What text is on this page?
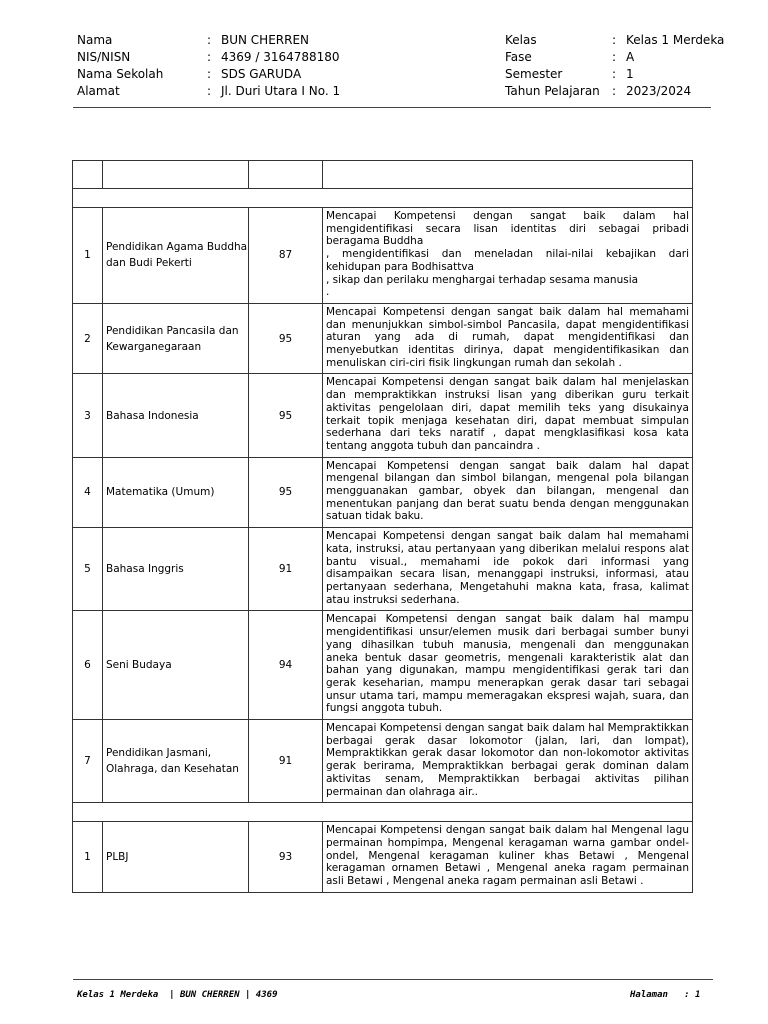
Nama	: BUN CHERREN
NIS/NISN	: 4369 / 3164788180
Nama Sekolah	: SDS GARUDA
Alamat	: Jl. Duri Utara I No. 1
Kelas	: Kelas 1 Merdeka
Fase	: A
Semester	: 1
Tahun Pelajaran	: 2023/2024

1	Pendidikan Agama Buddha dan Budi Pekerti	87	Mencapai Kompetensi dengan sangat baik dalam hal mengidentifikasi secara lisan identitas diri sebagai pribadi beragama Buddha
, mengidentifikasi dan meneladan nilai-nilai kebajikan dari kehidupan para Bodhisattva
, sikap dan perilaku menghargai terhadap sesama manusia
.
2	Pendidikan Pancasila dan Kewarganegaraan	95	Mencapai Kompetensi dengan sangat baik dalam hal memahami dan menunjukkan simbol-simbol Pancasila, dapat mengidentifikasi aturan yang ada di rumah, dapat mengidentifikasi dan menyebutkan identitas dirinya, dapat mengidentifikasikan dan menuliskan ciri-ciri fisik lingkungan rumah dan sekolah .
3	Bahasa Indonesia	95	Mencapai Kompetensi dengan sangat baik dalam hal menjelaskan dan mempraktikkan instruksi lisan yang diberikan guru terkait aktivitas pengelolaan diri, dapat memilih teks yang disukainya terkait topik menjaga kesehatan diri, dapat membuat simpulan sederhana dari teks naratif , dapat mengklasifikasi kosa kata tentang anggota tubuh dan pancaindra .
4	Matematika (Umum)	95	Mencapai Kompetensi dengan sangat baik dalam hal dapat mengenal bilangan dan simbol bilangan, mengenal pola bilangan mengguanakan gambar, obyek dan bilangan, mengenal dan menentukan panjang dan berat suatu benda dengan menggunakan satuan tidak baku.
5	Bahasa Inggris	91	Mencapai Kompetensi dengan sangat baik dalam hal memahami kata, instruksi, atau pertanyaan yang diberikan melalui respons alat bantu visual., memahami ide pokok dari informasi yang disampaikan secara lisan, menanggapi instruksi, informasi, atau pertanyaan sederhana, Mengetahuhi makna kata, frasa, kalimat atau instruksi sederhana.
6	Seni Budaya	94	Mencapai Kompetensi dengan sangat baik dalam hal mampu mengidentifikasi unsur/elemen musik dari berbagai sumber bunyi yang dihasilkan tubuh manusia, mengenali dan menggunakan aneka bentuk dasar geometris, mengenali karakteristik alat dan bahan yang digunakan, mampu mengidentifikasi gerak tari dan gerak keseharian, mampu menerapkan gerak dasar tari sebagai unsur utama tari, mampu memeragakan ekspresi wajah, suara, dan fungsi anggota tubuh.
7	Pendidikan Jasmani, Olahraga, dan Kesehatan	91	Mencapai Kompetensi dengan sangat baik dalam hal Mempraktikkan berbagai gerak dasar lokomotor (jalan, lari, dan lompat), Mempraktikkan gerak dasar lokomotor dan non-lokomotor aktivitas gerak berirama, Mempraktikkan berbagai gerak dominan dalam aktivitas senam, Mempraktikkan berbagai aktivitas pilihan permainan dan olahraga air..

1	PLBJ	93	Mencapai Kompetensi dengan sangat baik dalam hal Mengenal lagu permainan hompimpa, Mengenal keragaman warna gambar ondel-ondel, Mengenal keragaman kuliner khas Betawi , Mengenal keragaman ornamen Betawi , Mengenal aneka ragam permainan asli Betawi , Mengenal aneka ragam permainan asli Betawi .
Kelas 1 Merdeka  | BUN CHERREN | 4369	Halaman   : 1
